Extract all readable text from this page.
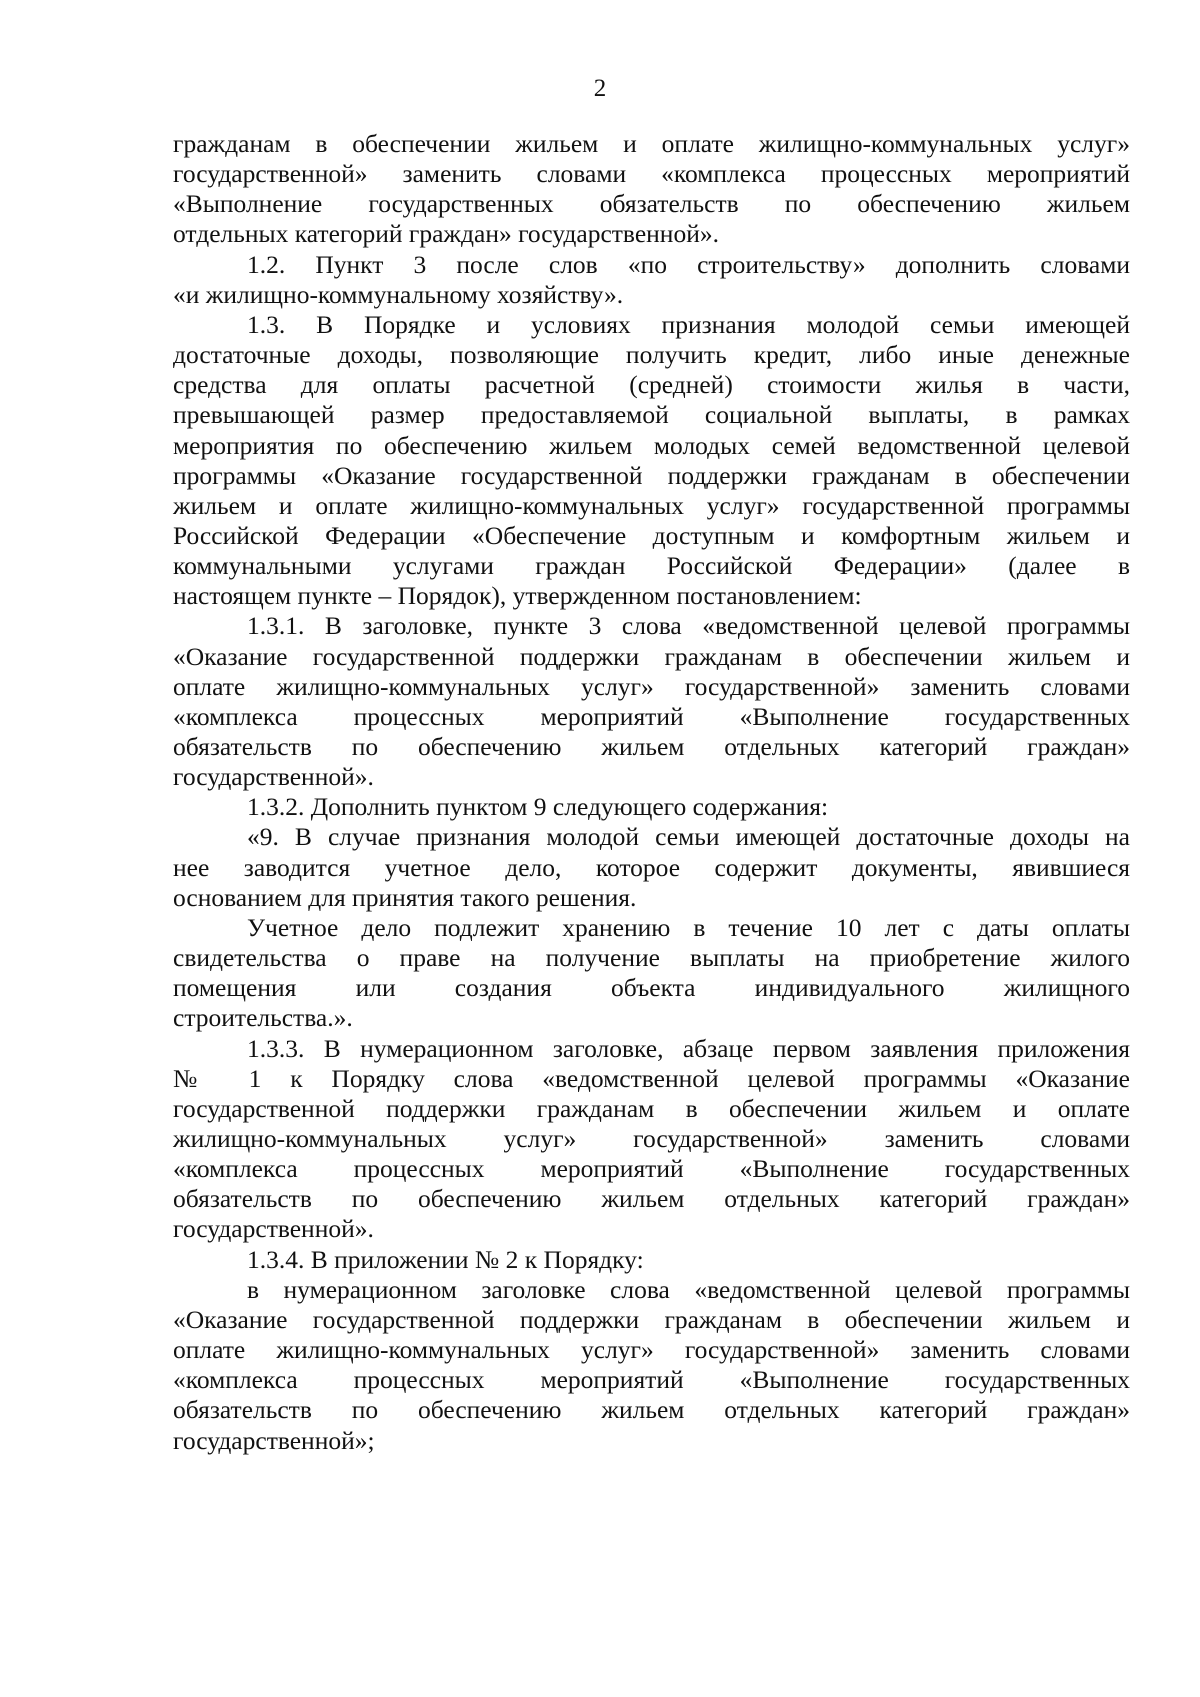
2
гражданам в обеспечении жильем и оплате жилищно-коммунальных услуг»
государственной» заменить словами «комплекса процессных мероприятий
«Выполнение государственных обязательств по обеспечению жильем
отдельных категорий граждан» государственной».
1.2. Пункт 3 после слов «по строительству» дополнить словами
«и жилищно-коммунальному хозяйству».
1.3. В Порядке и условиях признания молодой семьи имеющей
достаточные доходы, позволяющие получить кредит, либо иные денежные
средства для оплаты расчетной (средней) стоимости жилья в части,
превышающей размер предоставляемой социальной выплаты, в рамках
мероприятия по обеспечению жильем молодых семей ведомственной целевой
программы «Оказание государственной поддержки гражданам в обеспечении
жильем и оплате жилищно-коммунальных услуг» государственной программы
Российской Федерации «Обеспечение доступным и комфортным жильем и
коммунальными услугами граждан Российской Федерации» (далее в
настоящем пункте – Порядок), утвержденном постановлением:
1.3.1. В заголовке, пункте 3 слова «ведомственной целевой программы
«Оказание государственной поддержки гражданам в обеспечении жильем и
оплате жилищно-коммунальных услуг» государственной» заменить словами
«комплекса процессных мероприятий «Выполнение государственных
обязательств по обеспечению жильем отдельных категорий граждан»
государственной».
1.3.2. Дополнить пунктом 9 следующего содержания:
«9. В случае признания молодой семьи имеющей достаточные доходы на
нее заводится учетное дело, которое содержит документы, явившиеся
основанием для принятия такого решения.
Учетное дело подлежит хранению в течение 10 лет с даты оплаты
свидетельства о праве на получение выплаты на приобретение жилого
помещения или создания объекта индивидуального жилищного
строительства.».
1.3.3. В нумерационном заголовке, абзаце первом заявления приложения
№ 1 к Порядку слова «ведомственной целевой программы «Оказание
государственной поддержки гражданам в обеспечении жильем и оплате
жилищно-коммунальных услуг» государственной» заменить словами
«комплекса процессных мероприятий «Выполнение государственных
обязательств по обеспечению жильем отдельных категорий граждан»
государственной».
1.3.4. В приложении № 2 к Порядку:
в нумерационном заголовке слова «ведомственной целевой программы
«Оказание государственной поддержки гражданам в обеспечении жильем и
оплате жилищно-коммунальных услуг» государственной» заменить словами
«комплекса процессных мероприятий «Выполнение государственных
обязательств по обеспечению жильем отдельных категорий граждан»
государственной»;
